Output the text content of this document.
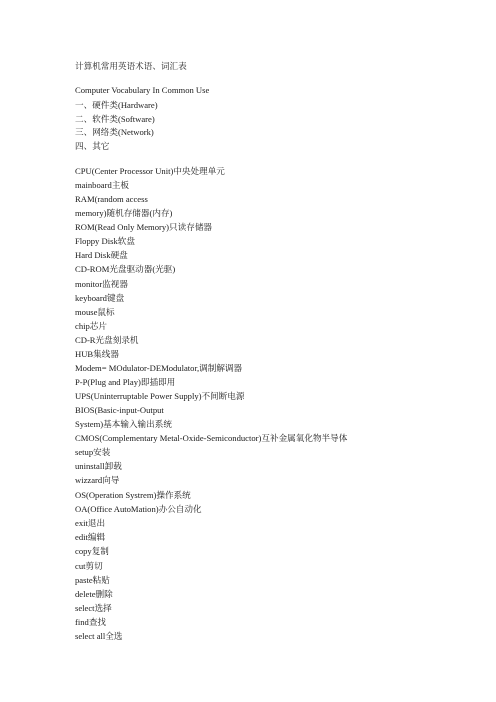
计算机常用英语术语、词汇表
Computer Vocabulary In Common Use
一、硬件类(Hardware)
二、软件类(Software)
三、网络类(Network)
四、其它
CPU(Center Processor Unit)中央处理单元
mainboard主板
RAM(random access
memory)随机存储器(内存)
ROM(Read Only Memory)只读存储器
Floppy Disk软盘
Hard Disk硬盘
CD-ROM光盘驱动器(光驱)
monitor监视器
keyboard键盘
mouse鼠标
chip芯片
CD-R光盘刻录机
HUB集线器
Modem= MOdulator-DEModulator,调制解调器
P-P(Plug and Play)即插即用
UPS(Uninterruptable Power Supply)不间断电源
BIOS(Basic-input-Output
System)基本输入输出系统
CMOS(Complementary Metal-Oxide-Semiconductor)互补金属氧化物半导体
setup安装
uninstall卸载
wizzard向导
OS(Operation Systrem)操作系统
OA(Office AutoMation)办公自动化
exit退出
edit编辑
copy复制
cut剪切
paste粘贴
delete删除
select选择
find查找
select all全选
